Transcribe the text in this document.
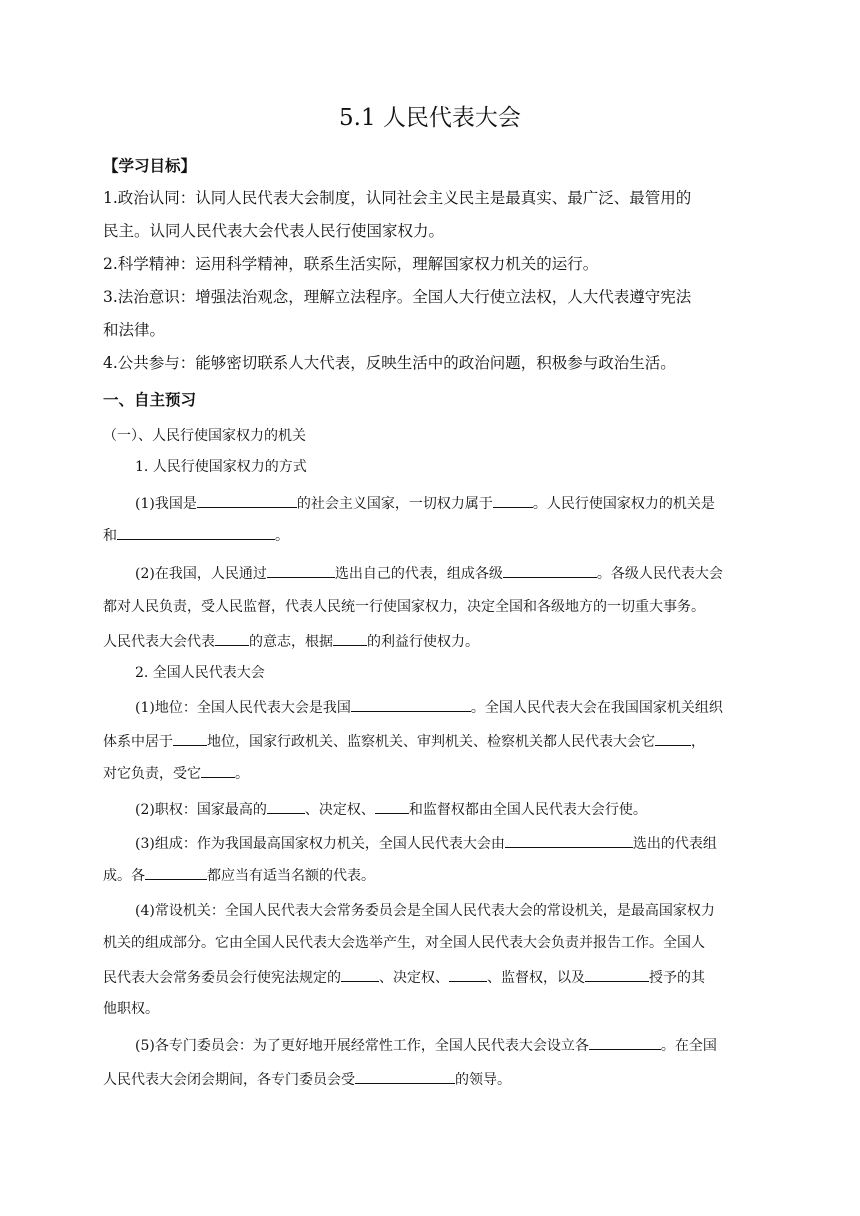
5.1 人民代表大会
【学习目标】
1.政治认同：认同人民代表大会制度，认同社会主义民主是最真实、最广泛、最管用的
民主。认同人民代表大会代表人民行使国家权力。
2.科学精神：运用科学精神，联系生活实际，理解国家权力机关的运行。
3.法治意识：增强法治观念，理解立法程序。全国人大行使立法权，人大代表遵守宪法
和法律。
4.公共参与：能够密切联系人大代表，反映生活中的政治问题，积极参与政治生活。
一、自主预习
（一）、人民行使国家权力的机关
1. 人民行使国家权力的方式
(1)我国是	的社会主义国家，一切权力属于	。人民行使国家权力的机关是
和	。
(2)在我国，人民通过	选出自己的代表，组成各级	。各级人民代表大会
都对人民负责，受人民监督，代表人民统一行使国家权力，决定全国和各级地方的一切重大事务。
人民代表大会代表 的意志，根据 的利益行使权力。
2. 全国人民代表大会
(1)地位：全国人民代表大会是我国	。全国人民代表大会在我国国家机关组织
体系中居于 地位，国家行政机关、监察机关、审判机关、检察机关都人民代表大会它	，
对它负责，受它 。
(2)职权：国家最高的	、决定权、 和监督权都由全国人民代表大会行使。
(3)组成：作为我国最高国家权力机关，全国人民代表大会由	选出的代表组
成。各	都应当有适当名额的代表。
(4)常设机关：全国人民代表大会常务委员会是全国人民代表大会的常设机关，是最高国家权力
机关的组成部分。它由全国人民代表大会选举产生，对全国人民代表大会负责并报告工作。全国人
民代表大会常务委员会行使宪法规定的	、决定权、	、监督权，以及	授予的其
他职权。
(5)各专门委员会：为了更好地开展经常性工作，全国人民代表大会设立各	。在全国
人民代表大会闭会期间，各专门委员会受	的领导。
